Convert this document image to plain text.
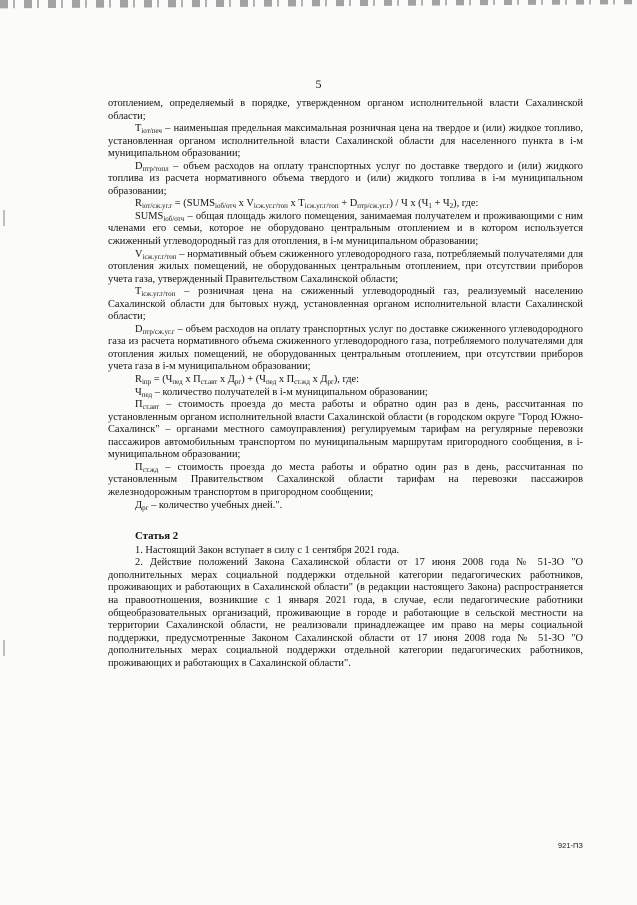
5

отоплением, определяемый в порядке, утвержденном органом исполнительной власти Сахалинской области;

$T_{іот/печ}$ – наименьшая предельная максимальная розничная цена на твердое и (или) жидкое топливо, установленная органом исполнительной власти Сахалинской области для населенного пункта в i-м муниципальном образовании;

$D_{птр/топл}$ – объем расходов на оплату транспортных услуг по доставке твердого и (или) жидкого топлива из расчета нормативного объема твердого и (или) жидкого топлива в i-м муниципальном образовании;

$R_{іот/сж.уг.г}$ = ($SUMS_{іоб/отч}$ х $V_{ісж.уг.г/топ}$ х $T_{ісж.уг.г/топ} + D_{птр/сж.уг.г}) / Ч$ х $(Ч_1 + Ч_2)$, где:

$SUMS_{іоб/отч}$ – общая площадь жилого помещения, занимаемая получателем и проживающими с ним членами его семьи, которое не оборудовано центральным отоплением и в котором используется сжиженный углеводородный газ для отопления, в i-м муниципальном образовании;

$V_{ісж.уг.г/топ}$ – нормативный объем сжиженного углеводородного газа, потребляемый получателями для отопления жилых помещений, не оборудованных центральным отоплением, при отсутствии приборов учета газа, утвержденный Правительством Сахалинской области;

$T_{ісж.уг.г/топ}$ – розничная цена на сжиженный углеводородный газ, реализуемый населению Сахалинской области для бытовых нужд, установленная органом исполнительной власти Сахалинской области;

$D_{птр/сж.уг.г}$ – объем расходов на оплату транспортных услуг по доставке сжиженного углеводородного газа из расчета нормативного объема сжиженного углеводородного газа, потребляемого получателями для отопления жилых помещений, не оборудованных центральным отоплением, при отсутствии приборов учета газа в i-м муниципальном образовании;

$R_{іпр} = (Ч_{пед}$ х $П_{ст.авт}$ х $Д_{рг}) + (Ч_{пед}$ х $П_{ст.жд}$ х $Д_{рг}$), где:

$Ч_{пед}$ – количество получателей в i-м муниципальном образовании;

$П_{ст.авт}$ – стоимость проезда до места работы и обратно один раз в день, рассчитанная по установленным органом исполнительной власти Сахалинской области (в городском округе "Город Южно-Сахалинск" – органами местного самоуправления) регулируемым тарифам на регулярные перевозки пассажиров автомобильным транспортом по муниципальным маршрутам пригородного сообщения, в i-муниципальном образовании;

$П_{ст.жд}$ – стоимость проезда до места работы и обратно один раз в день, рассчитанная по установленным Правительством Сахалинской области тарифам на перевозки пассажиров железнодорожным транспортом в пригородном сообщении;

$Д_{рг}$ – количество учебных дней.".

Статья 2

1. Настоящий Закон вступает в силу с 1 сентября 2021 года.

2. Действие положений Закона Сахалинской области от 17 июня 2008 года № 51-ЗО "О дополнительных мерах социальной поддержки отдельной категории педагогических работников, проживающих и работающих в Сахалинской области" (в редакции настоящего Закона) распространяется на правоотношения, возникшие с 1 января 2021 года, в случае, если педагогические работники общеобразовательных организаций, проживающие в городе и работающие в сельской местности на территории Сахалинской области, не реализовали принадлежащее им право на меры социальной поддержки, предусмотренные Законом Сахалинской области от 17 июня 2008 года № 51-ЗО "О дополнительных мерах социальной поддержки отдельной категории педагогических работников, проживающих и работающих в Сахалинской области".

921-ПЗ
